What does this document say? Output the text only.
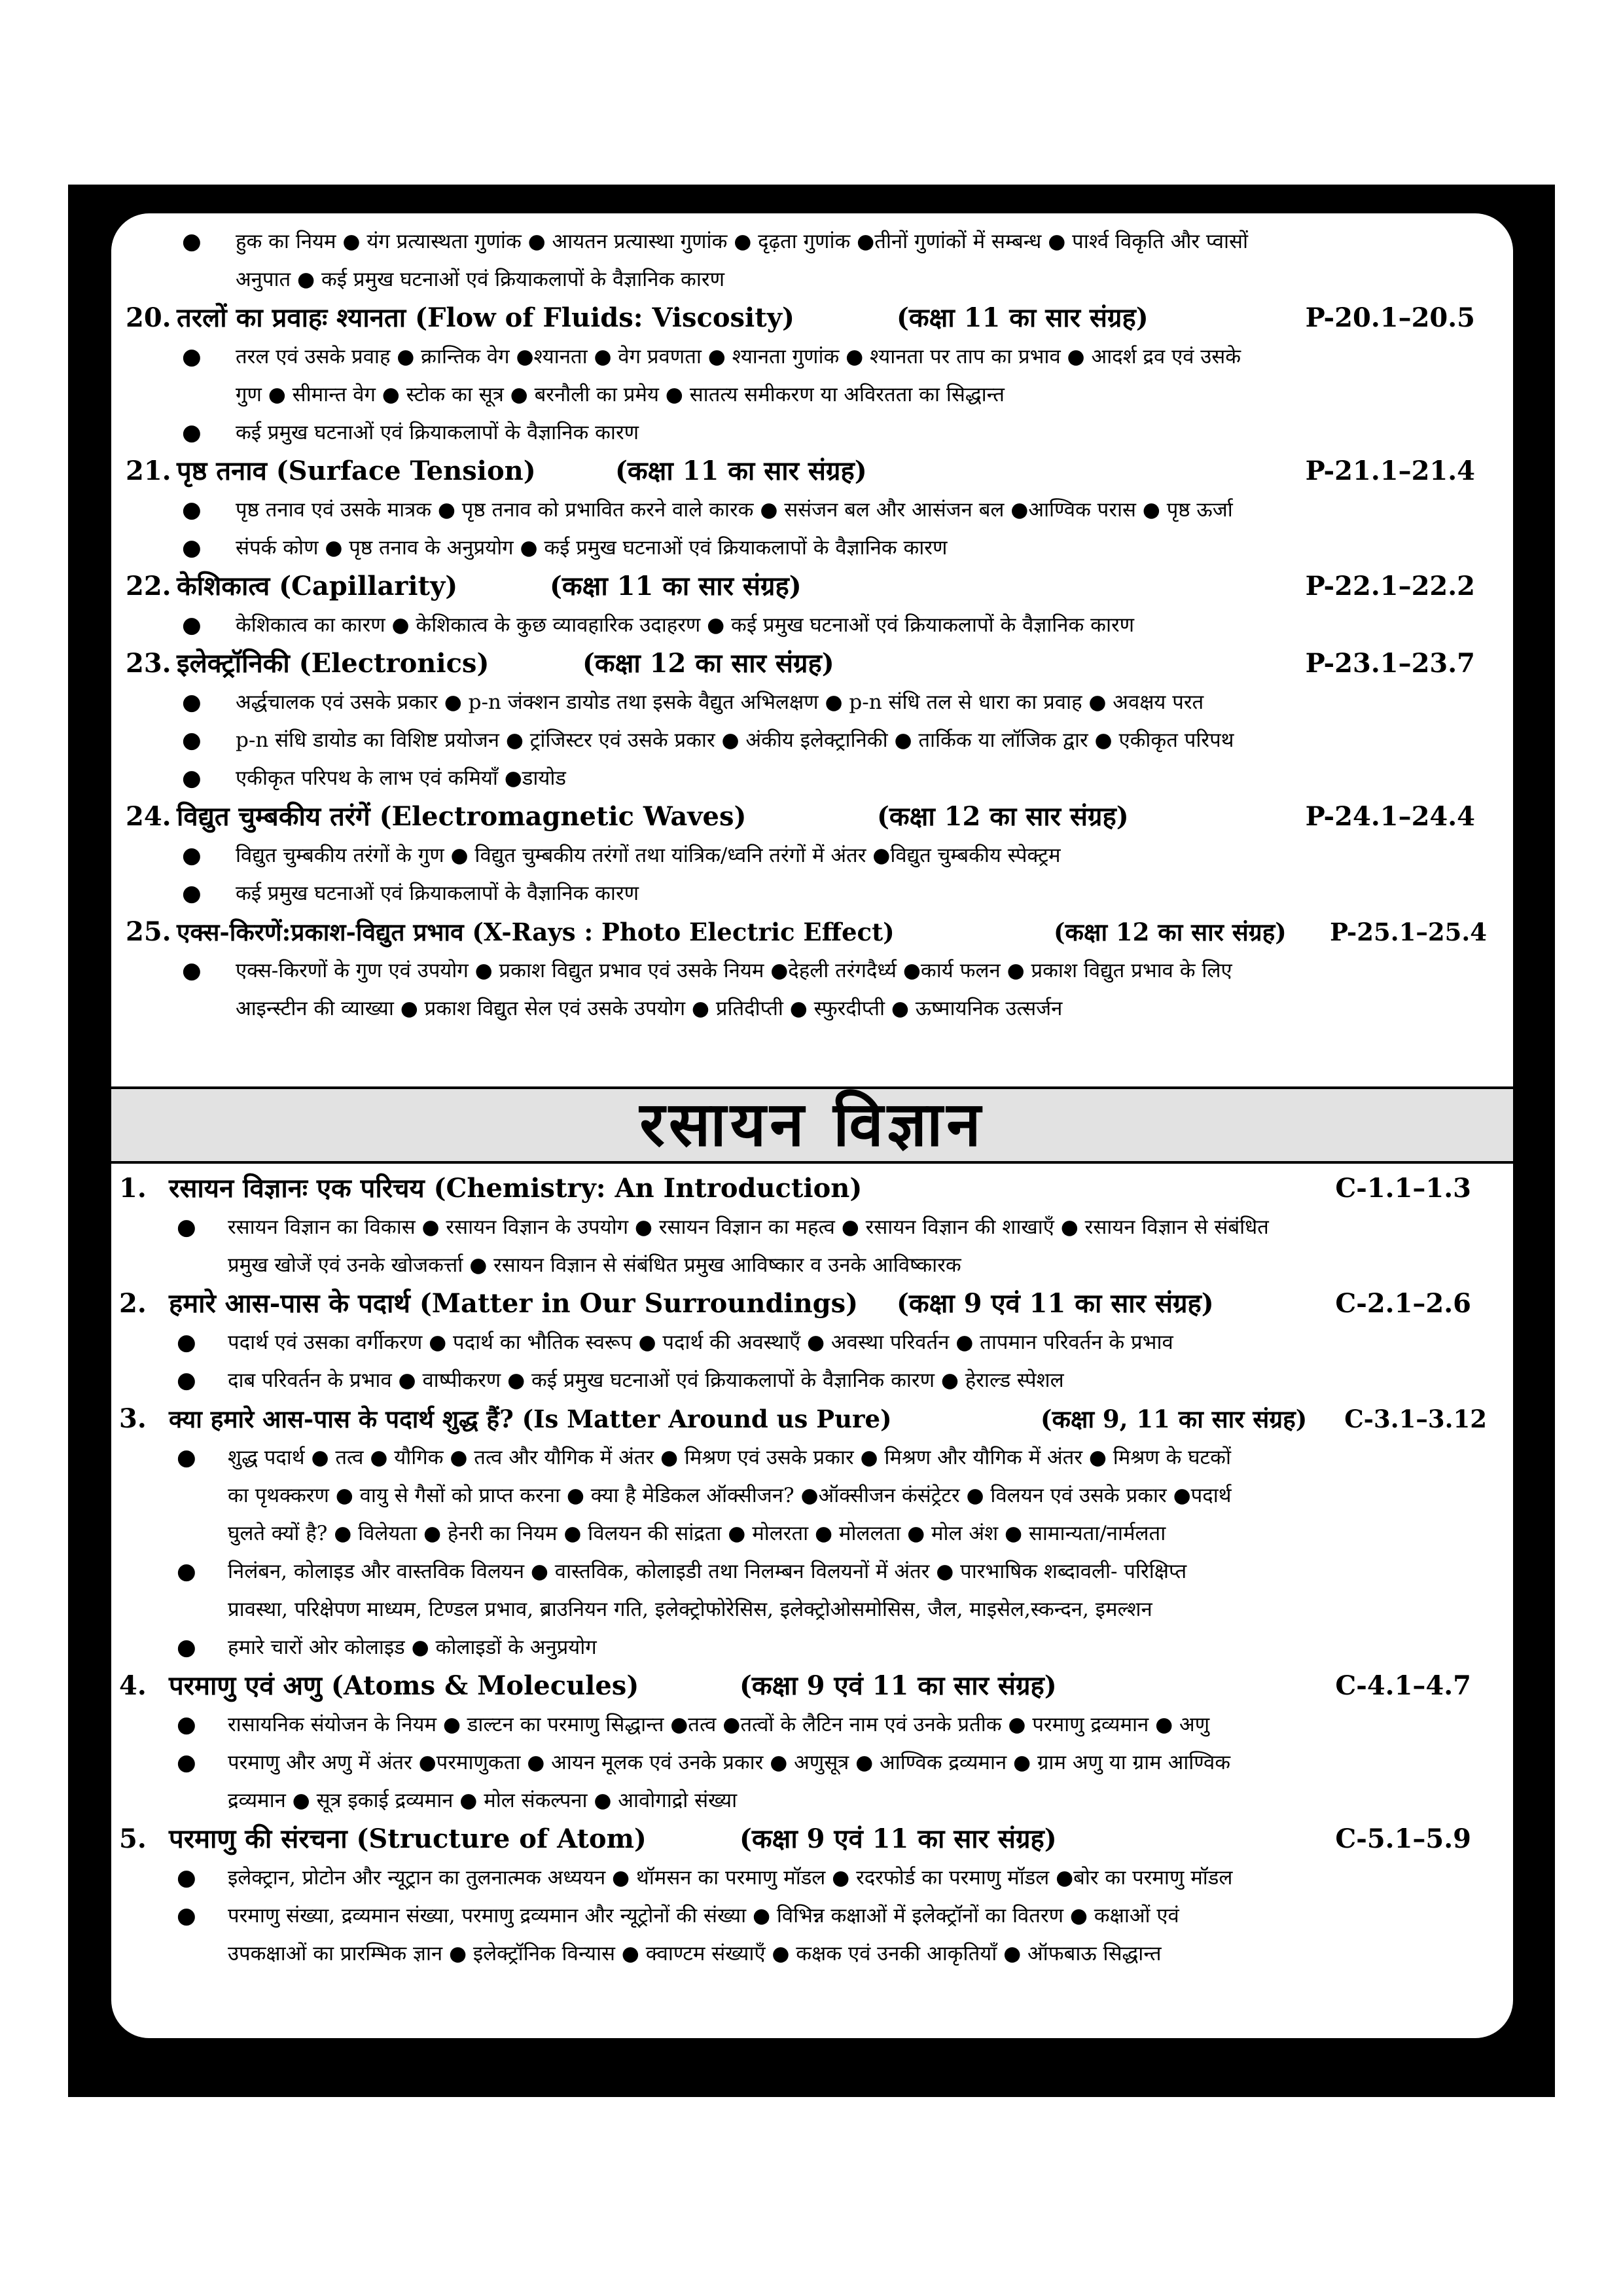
● हुक का नियम ● यंग प्रत्यास्थता गुणांक ● आयतन प्रत्यास्था गुणांक ● दृढ़ता गुणांक ●तीनों गुणांकों में सम्बन्ध ● पार्श्व विकृति और प्वासों
अनुपात ● कई प्रमुख घटनाओं एवं क्रियाकलापों के वैज्ञानिक कारण
20. तरलों का प्रवाहः श्यानता (Flow of Fluids: Viscosity)	(कक्षा 11 का सार संग्रह)	P-20.1–20.5
● तरल एवं उसके प्रवाह ● क्रान्तिक वेग ●श्यानता ● वेग प्रवणता ● श्यानता गुणांक ● श्यानता पर ताप का प्रभाव ● आदर्श द्रव एवं उसके
गुण ● सीमान्त वेग ● स्टोक का सूत्र ● बरनौली का प्रमेय ● सातत्य समीकरण या अविरतता का सिद्धान्त
● कई प्रमुख घटनाओं एवं क्रियाकलापों के वैज्ञानिक कारण
21. पृष्ठ तनाव (Surface Tension)	(कक्षा 11 का सार संग्रह)	P-21.1–21.4
● पृष्ठ तनाव एवं उसके मात्रक ● पृष्ठ तनाव को प्रभावित करने वाले कारक ● ससंजन बल और आसंजन बल ●आण्विक परास ● पृष्ठ ऊर्जा
● संपर्क कोण ● पृष्ठ तनाव के अनुप्रयोग ● कई प्रमुख घटनाओं एवं क्रियाकलापों के वैज्ञानिक कारण
22. केशिकात्व (Capillarity)	(कक्षा 11 का सार संग्रह)	P-22.1–22.2
● केशिकात्व का कारण ● केशिकात्व के कुछ व्यावहारिक उदाहरण ● कई प्रमुख घटनाओं एवं क्रियाकलापों के वैज्ञानिक कारण
23. इलेक्ट्रॉनिकी (Electronics)	(कक्षा 12 का सार संग्रह)	P-23.1–23.7
● अर्द्धचालक एवं उसके प्रकार ● p-n जंक्शन डायोड तथा इसके वैद्युत अभिलक्षण ● p-n संधि तल से धारा का प्रवाह ● अवक्षय परत
● p-n संधि डायोड का विशिष्ट प्रयोजन ● ट्रांजिस्टर एवं उसके प्रकार ● अंकीय इलेक्ट्रानिकी ● तार्किक या लॉजिक द्वार ● एकीकृत परिपथ
● एकीकृत परिपथ के लाभ एवं कमियाँ ●डायोड
24. विद्युत चुम्बकीय तरंगें (Electromagnetic Waves)	(कक्षा 12 का सार संग्रह)	P-24.1–24.4
● विद्युत चुम्बकीय तरंगों के गुण ● विद्युत चुम्बकीय तरंगों तथा यांत्रिक/ध्वनि तरंगों में अंतर ●विद्युत चुम्बकीय स्पेक्ट्रम
● कई प्रमुख घटनाओं एवं क्रियाकलापों के वैज्ञानिक कारण
25. एक्स-किरणें:प्रकाश-विद्युत प्रभाव (X-Rays : Photo Electric Effect)	(कक्षा 12 का सार संग्रह) P-25.1–25.4
● एक्स-किरणों के गुण एवं उपयोग ● प्रकाश विद्युत प्रभाव एवं उसके नियम ●देहली तरंगदैर्ध्य ●कार्य फलन ● प्रकाश विद्युत प्रभाव के लिए
आइन्स्टीन की व्याख्या ● प्रकाश विद्युत सेल एवं उसके उपयोग ● प्रतिदीप्ती ● स्फुरदीप्ती ● ऊष्मायनिक उत्सर्जन
रसायन विज्ञान
1. रसायन विज्ञानः एक परिचय (Chemistry: An Introduction)	C-1.1–1.3
● रसायन विज्ञान का विकास ● रसायन विज्ञान के उपयोग ● रसायन विज्ञान का महत्व ● रसायन विज्ञान की शाखाएँ ● रसायन विज्ञान से संबंधित
प्रमुख खोजें एवं उनके खोजकर्त्ता ● रसायन विज्ञान से संबंधित प्रमुख आविष्कार व उनके आविष्कारक
2. हमारे आस-पास के पदार्थ (Matter in Our Surroundings) (कक्षा 9 एवं 11 का सार संग्रह)	C-2.1–2.6
● पदार्थ एवं उसका वर्गीकरण ● पदार्थ का भौतिक स्वरूप ● पदार्थ की अवस्थाएँ ● अवस्था परिवर्तन ● तापमान परिवर्तन के प्रभाव
● दाब परिवर्तन के प्रभाव ● वाष्पीकरण ● कई प्रमुख घटनाओं एवं क्रियाकलापों के वैज्ञानिक कारण ● हेराल्ड स्पेशल
3. क्या हमारे आस-पास के पदार्थ शुद्ध हैं? (Is Matter Around us Pure)	(कक्षा 9, 11 का सार संग्रह) C-3.1–3.12
● शुद्ध पदार्थ ● तत्व ● यौगिक ● तत्व और यौगिक में अंतर ● मिश्रण एवं उसके प्रकार ● मिश्रण और यौगिक में अंतर ● मिश्रण के घटकों
का पृथक्करण ● वायु से गैसों को प्राप्त करना ● क्या है मेडिकल ऑक्सीजन? ●ऑक्सीजन कंसंट्रेटर ● विलयन एवं उसके प्रकार ●पदार्थ
घुलते क्यों है? ● विलेयता ● हेनरी का नियम ● विलयन की सांद्रता ● मोलरता ● मोललता ● मोल अंश ● सामान्यता/नार्मलता
● निलंबन, कोलाइड और वास्तविक विलयन ● वास्तविक, कोलाइडी तथा निलम्बन विलयनों में अंतर ● पारभाषिक शब्दावली- परिक्षिप्त
प्रावस्था, परिक्षेपण माध्यम, टिण्डल प्रभाव, ब्राउनियन गति, इलेक्ट्रोफोरेसिस, इलेक्ट्रोओसमोसिस, जैल, माइसेल,स्कन्दन, इमल्शन
● हमारे चारों ओर कोलाइड ● कोलाइडों के अनुप्रयोग
4. परमाणु एवं अणु (Atoms & Molecules)	(कक्षा 9 एवं 11 का सार संग्रह)	C-4.1–4.7
● रासायनिक संयोजन के नियम ● डाल्टन का परमाणु सिद्धान्त ●तत्व ●तत्वों के लैटिन नाम एवं उनके प्रतीक ● परमाणु द्रव्यमान ● अणु
● परमाणु और अणु में अंतर ●परमाणुकता ● आयन मूलक एवं उनके प्रकार ● अणुसूत्र ● आण्विक द्रव्यमान ● ग्राम अणु या ग्राम आण्विक
द्रव्यमान ● सूत्र इकाई द्रव्यमान ● मोल संकल्पना ● आवोगाद्रो संख्या
5. परमाणु की संरचना (Structure of Atom)	(कक्षा 9 एवं 11 का सार संग्रह)	C-5.1–5.9
● इलेक्ट्रान, प्रोटोन और न्यूट्रान का तुलनात्मक अध्ययन ● थॉमसन का परमाणु मॉडल ● रदरफोर्ड का परमाणु मॉडल ●बोर का परमाणु मॉडल
● परमाणु संख्या, द्रव्यमान संख्या, परमाणु द्रव्यमान और न्यूट्रोनों की संख्या ● विभिन्न कक्षाओं में इलेक्ट्रॉनों का वितरण ● कक्षाओं एवं
उपकक्षाओं का प्रारम्भिक ज्ञान ● इलेक्ट्रॉनिक विन्यास ● क्वाण्टम संख्याएँ ● कक्षक एवं उनकी आकृतियाँ ● ऑफबाऊ सिद्धान्त
